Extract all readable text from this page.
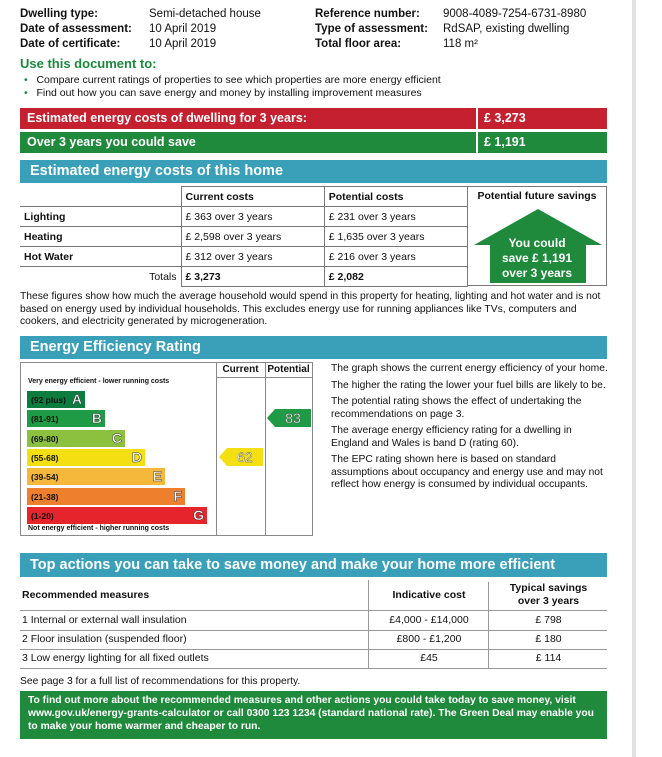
Dwelling type:	Semi-detached house
Date of assessment: 10 April 2019
Date of certificate: 10 April 2019
Reference number: 9008-4089-7254-6731-8980
Type of assessment: RdSAP, existing dwelling
Total floor area:	118 m²
Use this document to:
• Compare current ratings of properties to see which properties are more energy efficient
• Find out how you can save energy and money by installing improvement measures
Estimated energy costs of dwelling for 3 years:	£ 3,273
Over 3 years you could save	£ 1,191
Estimated energy costs of this home
	Current costs	Potential costs
Lighting	£ 363 over 3 years	£ 231 over 3 years
Heating	£ 2,598 over 3 years	£ 1,635 over 3 years
Hot Water	£ 312 over 3 years	£ 216 over 3 years
Totals	£ 3,273	£ 2,082
Potential future savings
You could
save £ 1,191
over 3 years
These figures show how much the average household would spend in this property for heating, lighting and hot water and is not based on energy used by individual households. This excludes energy use for running appliances like TVs, computers and cookers, and electricity generated by microgeneration.
Energy Efficiency Rating
Current Potential
Very energy efficient - lower running costs
Not energy efficient - higher running costs
(92 plus) A
(81-91) B
(69-80)	C
(55-68)	D
(39-54)	E
(21-38)	F
(1-20)	G
62
83
The graph shows the current energy efficiency of your home.
The higher the rating the lower your fuel bills are likely to be.
The potential rating shows the effect of undertaking the recommendations on page 3.
The average energy efficiency rating for a dwelling in England and Wales is band D (rating 60).
The EPC rating shown here is based on standard assumptions about occupancy and energy use and may not reflect how energy is consumed by individual occupants.
Top actions you can take to save money and make your home more efficient
Recommended measures	Indicative cost
Typical savings
over 3 years
1 Internal or external wall insulation	£4,000 - £14,000	£ 798
2 Floor insulation (suspended floor)	£800 - £1,200	£ 180
3 Low energy lighting for all fixed outlets	£45	£ 114
See page 3 for a full list of recommendations for this property.
To find out more about the recommended measures and other actions you could take today to save money, visit www.gov.uk/energy-grants-calculator or call 0300 123 1234 (standard national rate). The Green Deal may enable you to make your home warmer and cheaper to run.
